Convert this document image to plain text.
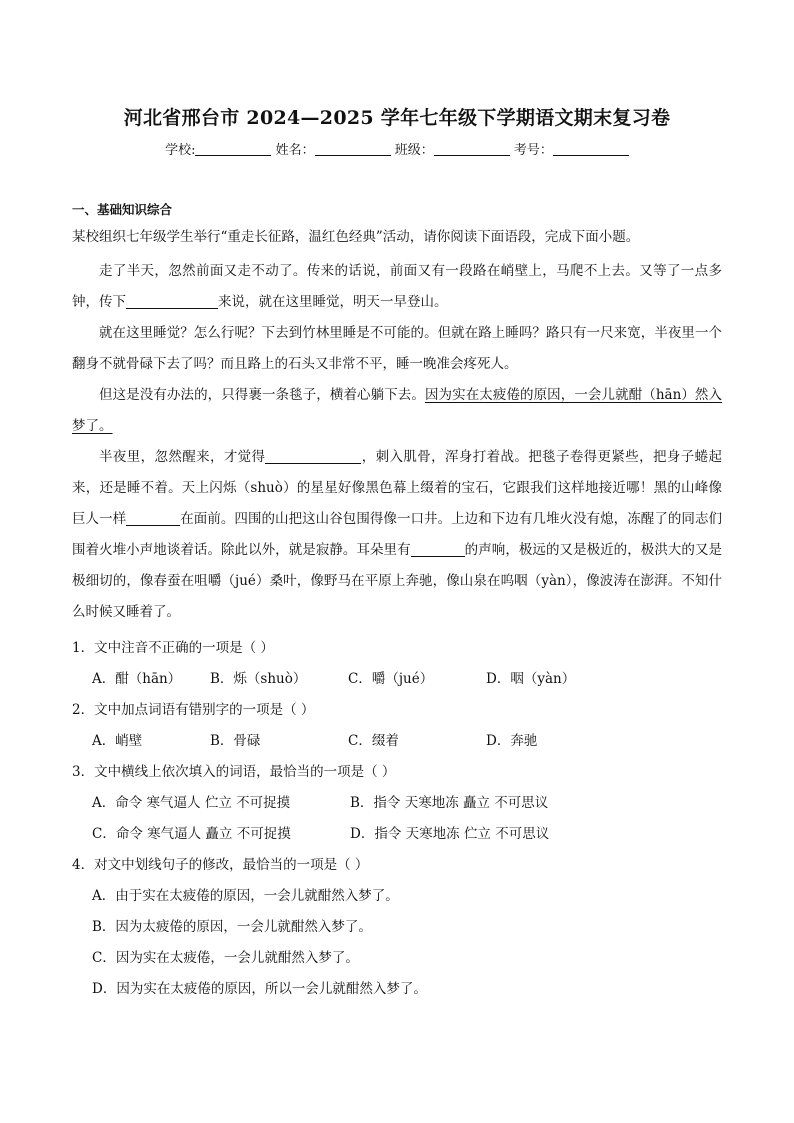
河北省邢台市 2024—2025 学年七年级下学期语文期末复习卷
学校:	姓名：	班级：	考号：
一、基础知识综合
某校组织七年级学生举行“重走长征路，温红色经典”活动，请你阅读下面语段，完成下面小题。

走了半天，忽然前面又走不动了。传来的话说，前面又有一段路在峭壁上，马爬不上去。又等了一点多钟，传下	来说，就在这里睡觉，明天一早登山。

就在这里睡觉？怎么行呢？下去到竹林里睡是不可能的。但就在路上睡吗？路只有一尺来宽，半夜里一个翻身不就骨碌下去了吗？而且路上的石头又非常不平，睡一晚准会疼死人。

但这是没有办法的，只得裹一条毯子，横着心躺下去。因为实在太疲倦的原因，一会儿就酣（hān）然入梦了。

半夜里，忽然醒来，才觉得	，刺入肌骨，浑身打着战。把毯子卷得更紧些，把身子蜷起来，还是睡不着。天上闪烁（shuò）的星星好像黑色幕上缀着的宝石，它跟我们这样地接近哪！黑的山峰像巨人一样	在面前。四围的山把这山谷包围得像一口井。上边和下边有几堆火没有熄，冻醒了的同志们围着火堆小声地谈着话。除此以外，就是寂静。耳朵里有	的声响，极远的又是极近的，极洪大的又是极细切的，像春蚕在咀嚼（jué）桑叶，像野马在平原上奔驰，像山泉在呜咽（yàn），像波涛在澎湃。不知什么时候又睡着了。

1．文中注音不正确的一项是（ ）
A．酣（hān）	B．烁（shuò）	C．嚼（jué）	D．咽（yàn）
2．文中加点词语有错别字的一项是（ ）
A．峭壁	B．骨碌	C．缀着	D．奔驰
3．文中横线上依次填入的词语，最恰当的一项是（ ）
A．命令 寒气逼人 伫立 不可捉摸	B．指令 天寒地冻 矗立 不可思议
C．命令 寒气逼人 矗立 不可捉摸	D．指令 天寒地冻 伫立 不可思议
4．对文中划线句子的修改，最恰当的一项是（ ）
A．由于实在太疲倦的原因，一会儿就酣然入梦了。
B．因为太疲倦的原因，一会儿就酣然入梦了。
C．因为实在太疲倦，一会儿就酣然入梦了。
D．因为实在太疲倦的原因，所以一会儿就酣然入梦了。
